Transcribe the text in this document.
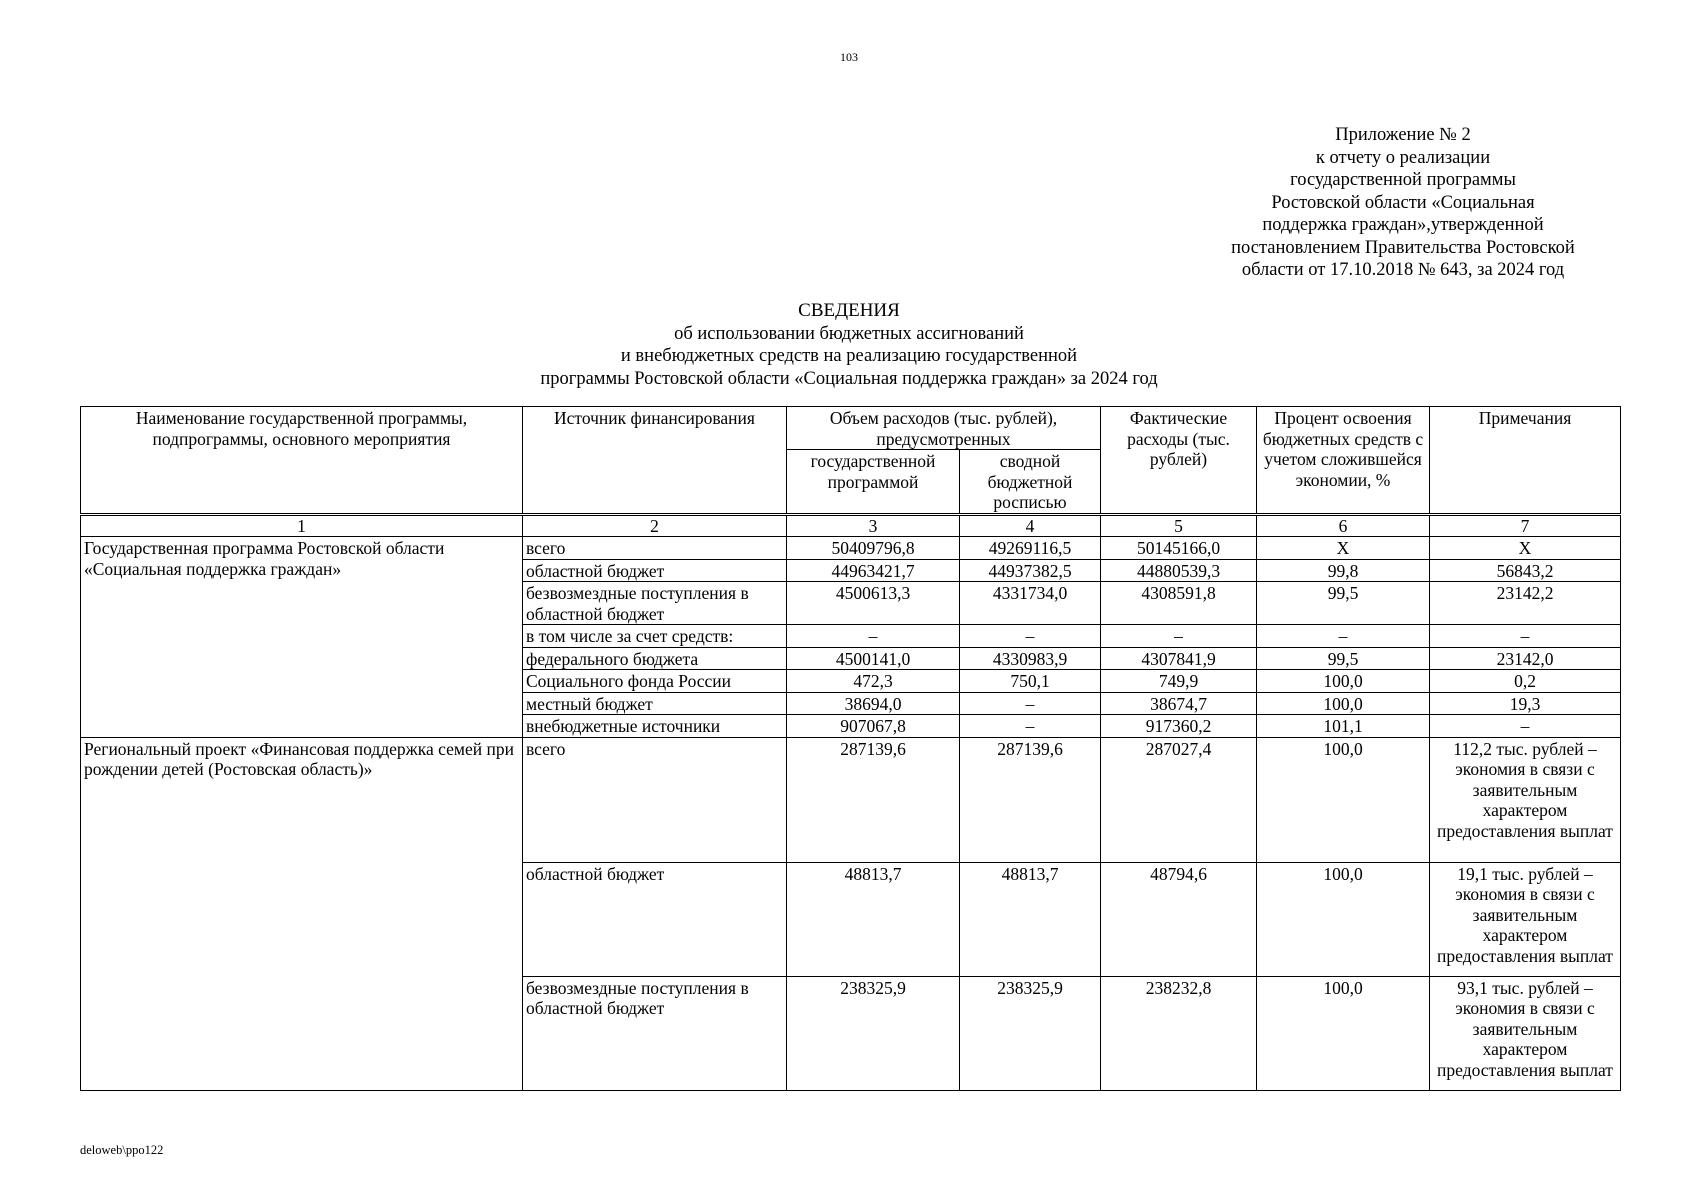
103
Приложение № 2
к отчету о реализации
государственной программы
Ростовской области «Социальная
поддержка граждан»,утвержденной
постановлением Правительства Ростовской
области от 17.10.2018 № 643, за 2024 год
СВЕДЕНИЯ
об использовании бюджетных ассигнований
и внебюджетных средств на реализацию государственной
программы Ростовской области «Социальная поддержка граждан» за 2024 год
Наименование государственной программы, подпрограммы, основного мероприятия	Источник финансирования	Объем расходов (тыс. рублей), предусмотренных		Фактические расходы (тыс. рублей)	Процент освоения бюджетных средств с учетом сложившейся экономии, %	Примечания
		государственной программой	сводной бюджетной росписью			
1	2	3	4	5	6	7
Государственная программа Ростовской области «Социальная поддержка граждан»	всего	50409796,8	49269116,5	50145166,0	X	X
	областной бюджет	44963421,7	44937382,5	44880539,3	99,8	56843,2
	безвозмездные поступления в областной бюджет	4500613,3	4331734,0	4308591,8	99,5	23142,2
	в том числе за счет средств:	–	–	–	–	–
	федерального бюджета	4500141,0	4330983,9	4307841,9	99,5	23142,0
	Социального фонда России	472,3	750,1	749,9	100,0	0,2
	местный бюджет	38694,0	–	38674,7	100,0	19,3
	внебюджетные источники	907067,8	–	917360,2	101,1	–
Региональный проект «Финансовая поддержка семей при рождении детей (Ростовская область)»	всего	287139,6	287139,6	287027,4	100,0	112,2 тыс. рублей – экономия в связи с заявительным характером предоставления выплат
	областной бюджет	48813,7	48813,7	48794,6	100,0	19,1 тыс. рублей – экономия в связи с заявительным характером предоставления выплат
	безвозмездные поступления в областной бюджет	238325,9	238325,9	238232,8	100,0	93,1 тыс. рублей – экономия в связи с заявительным характером предоставления выплат
deloweb\ppo122
